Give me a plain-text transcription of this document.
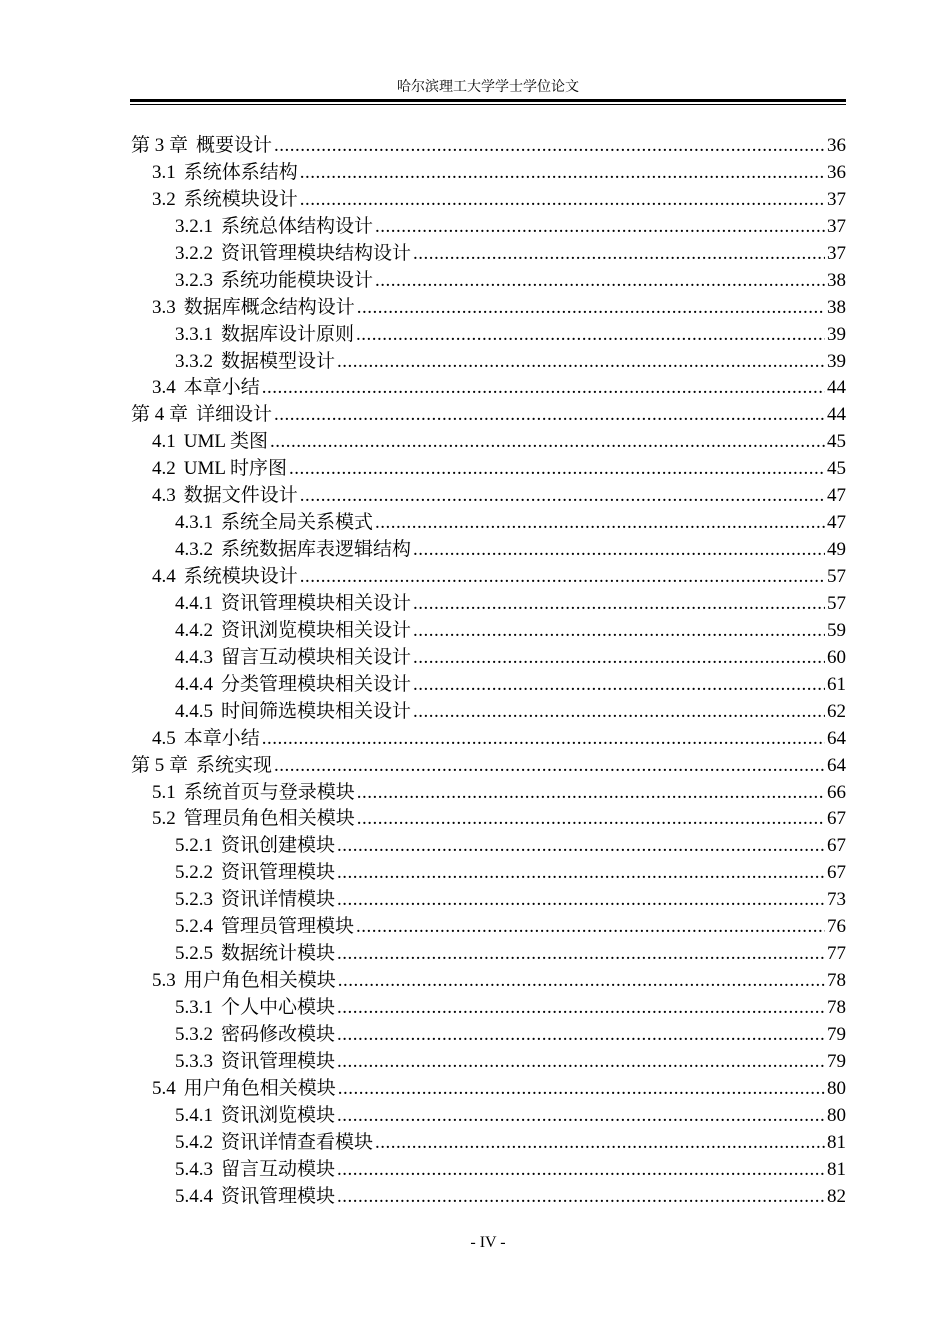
哈尔滨理工大学学士学位论文
第 3 章 概要设计 .....	36
3.1 系统体系结构 .....	36
3.2 系统模块设计 .....	37
3.2.1 系统总体结构设计 .....	37
3.2.2 资讯管理模块结构设计 .....	37
3.2.3 系统功能模块设计 .....	38
3.3 数据库概念结构设计 .....	38
3.3.1 数据库设计原则 .....	39
3.3.2 数据模型设计 .....	39
3.4 本章小结 .....	44
第 4 章 详细设计 .....	44
4.1 UML 类图 .....	45
4.2 UML 时序图 .....	45
4.3 数据文件设计 .....	47
4.3.1 系统全局关系模式 .....	47
4.3.2 系统数据库表逻辑结构 .....	49
4.4 系统模块设计 .....	57
4.4.1 资讯管理模块相关设计 .....	57
4.4.2 资讯浏览模块相关设计 .....	59
4.4.3 留言互动模块相关设计 .....	60
4.4.4 分类管理模块相关设计 .....	61
4.4.5 时间筛选模块相关设计 .....	62
4.5 本章小结 .....	64
第 5 章 系统实现 .....	64
5.1 系统首页与登录模块 .....	66
5.2 管理员角色相关模块 .....	67
5.2.1 资讯创建模块 .....	67
5.2.2 资讯管理模块 .....	67
5.2.3 资讯详情模块 .....	73
5.2.4 管理员管理模块 .....	76
5.2.5 数据统计模块 .....	77
5.3 用户角色相关模块 .....	78
5.3.1 个人中心模块 .....	78
5.3.2 密码修改模块 .....	79
5.3.3 资讯管理模块 .....	79
5.4 用户角色相关模块 .....	80
5.4.1 资讯浏览模块 .....	80
5.4.2 资讯详情查看模块 .....	81
5.4.3 留言互动模块 .....	81
5.4.4 资讯管理模块 .....	82
- IV -
